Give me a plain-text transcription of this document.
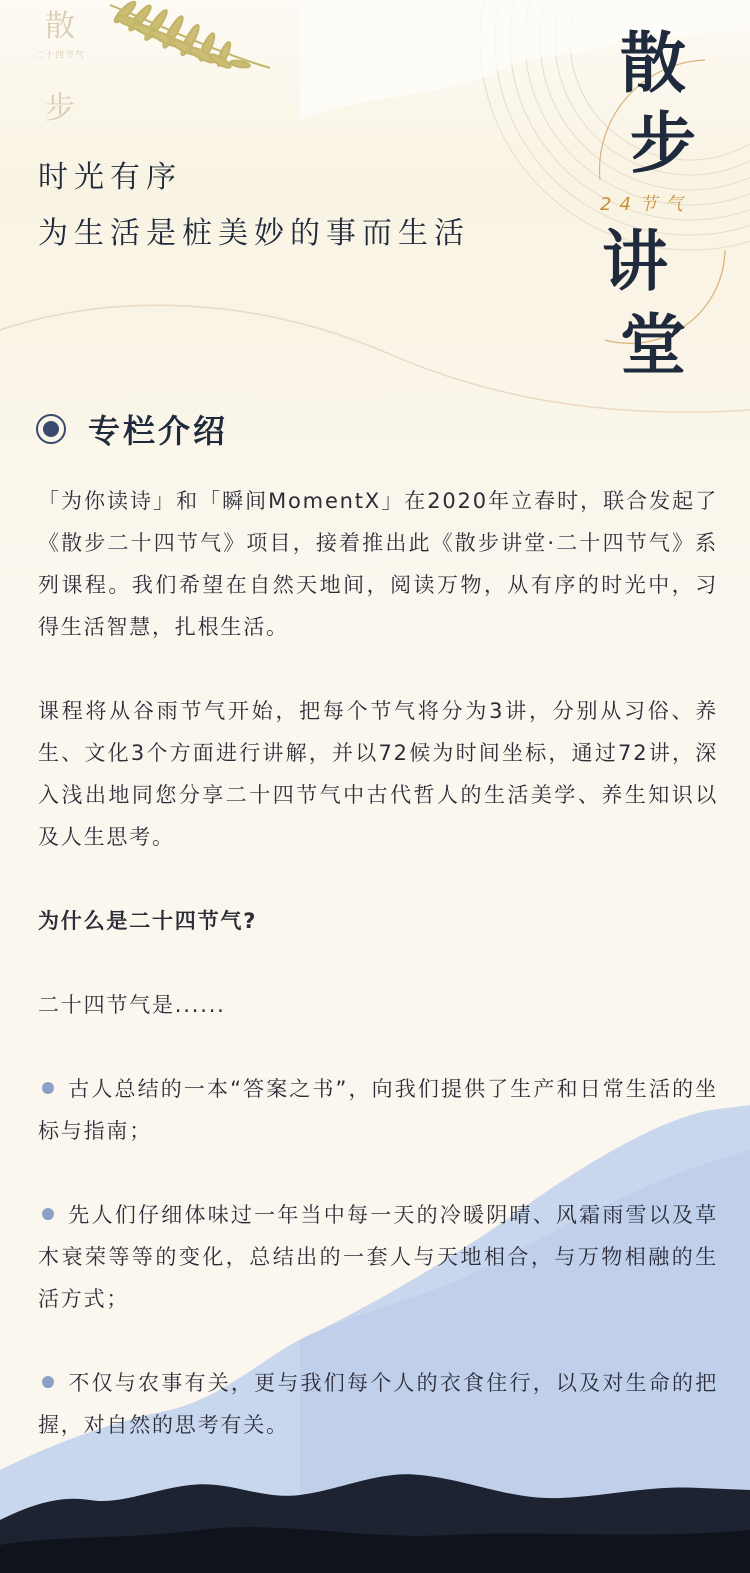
散
二十四节气
步
散
步
24节气
讲
堂
时光有序
为生活是桩美妙的事而生活
专栏介绍

「为你读诗」和「瞬间MomentX」在2020年立春时，联合发起了《散步二十四节气》项目，接着推出此《散步讲堂·二十四节气》系列课程。我们希望在自然天地间，阅读万物，从有序的时光中，习得生活智慧，扎根生活。

课程将从谷雨节气开始，把每个节气将分为3讲，分别从习俗、养生、文化3个方面进行讲解，并以72候为时间坐标，通过72讲，深入浅出地同您分享二十四节气中古代哲人的生活美学、养生知识以及人生思考。

为什么是二十四节气?

二十四节气是......

古人总结的一本“答案之书”，向我们提供了生产和日常生活的坐标与指南；

先人们仔细体味过一年当中每一天的冷暖阴晴、风霜雨雪以及草木衰荣等等的变化，总结出的一套人与天地相合，与万物相融的生活方式；

不仅与农事有关，更与我们每个人的衣食住行，以及对生命的把握，对自然的思考有关。
